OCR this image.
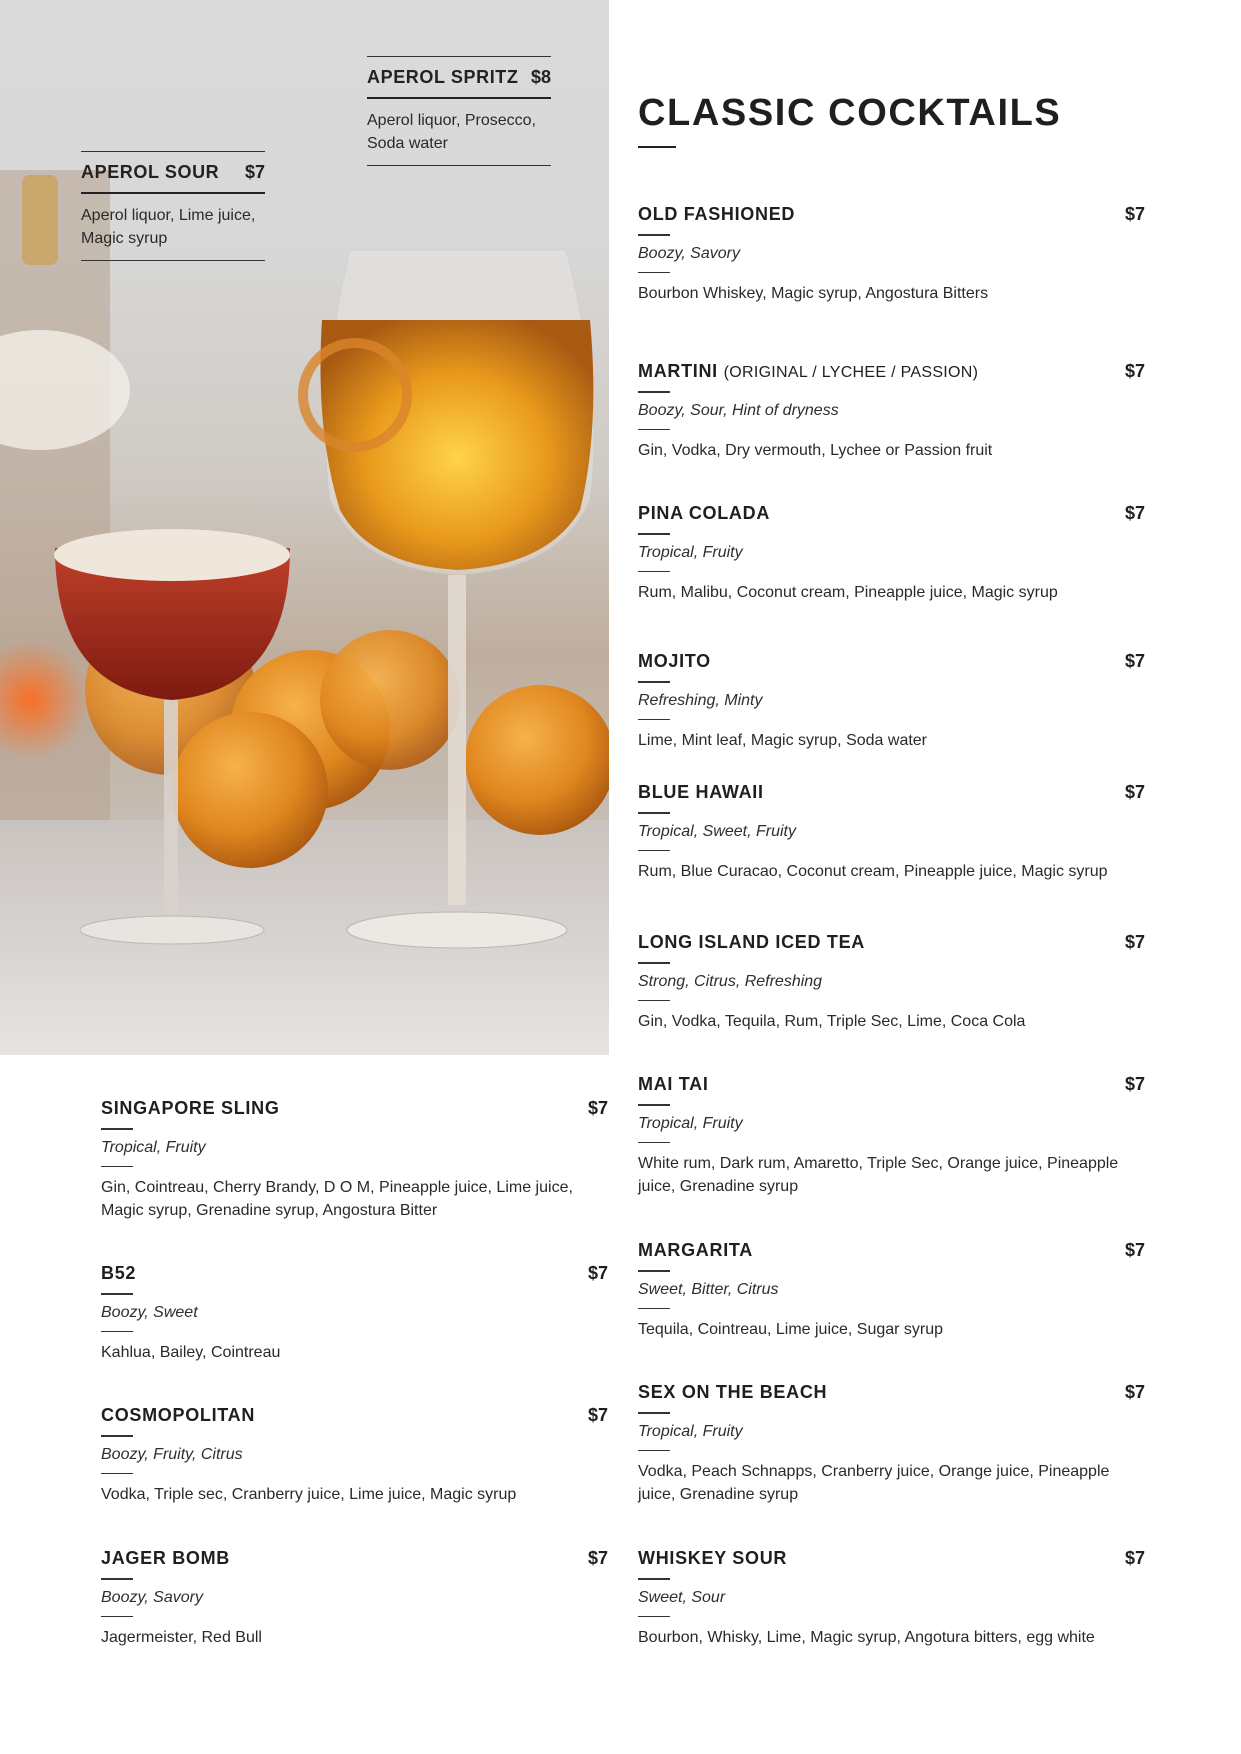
APEROL SPRITZ $8
Aperol liquor, Prosecco, Soda water
APEROL SOUR $7
Aperol liquor, Lime juice, Magic syrup
CLASSIC COCKTAILS
OLD FASHIONED	$7
Boozy, Savory
Bourbon Whiskey, Magic syrup, Angostura Bitters
MARTINI (ORIGINAL / LYCHEE / PASSION)	$7
Boozy, Sour, Hint of dryness
Gin, Vodka, Dry vermouth, Lychee or Passion fruit
PINA COLADA	$7
Tropical, Fruity
Rum, Malibu, Coconut cream, Pineapple juice, Magic syrup
MOJITO	$7
Refreshing, Minty
Lime, Mint leaf, Magic syrup, Soda water
BLUE HAWAII	$7
Tropical, Sweet, Fruity
Rum, Blue Curacao, Coconut cream, Pineapple juice, Magic syrup
LONG ISLAND ICED TEA	$7
Strong, Citrus, Refreshing
Gin, Vodka, Tequila, Rum, Triple Sec, Lime, Coca Cola
MAI TAI	$7
Tropical, Fruity
White rum, Dark rum, Amaretto, Triple Sec, Orange juice, Pineapple juice, Grenadine syrup
MARGARITA	$7
Sweet, Bitter, Citrus
Tequila, Cointreau, Lime juice, Sugar syrup
SEX ON THE BEACH	$7
Tropical, Fruity
Vodka, Peach Schnapps, Cranberry juice, Orange juice, Pineapple juice, Grenadine syrup
WHISKEY SOUR	$7
Sweet, Sour
Bourbon, Whisky, Lime, Magic syrup, Angotura bitters, egg white
SINGAPORE SLING	$7
Tropical, Fruity
Gin, Cointreau, Cherry Brandy, D O M, Pineapple juice, Lime juice, Magic syrup, Grenadine syrup, Angostura Bitter
B52	$7
Boozy, Sweet
Kahlua, Bailey, Cointreau
COSMOPOLITAN	$7
Boozy, Fruity, Citrus
Vodka, Triple sec, Cranberry juice, Lime juice, Magic syrup
JAGER BOMB	$7
Boozy, Savory
Jagermeister, Red Bull
